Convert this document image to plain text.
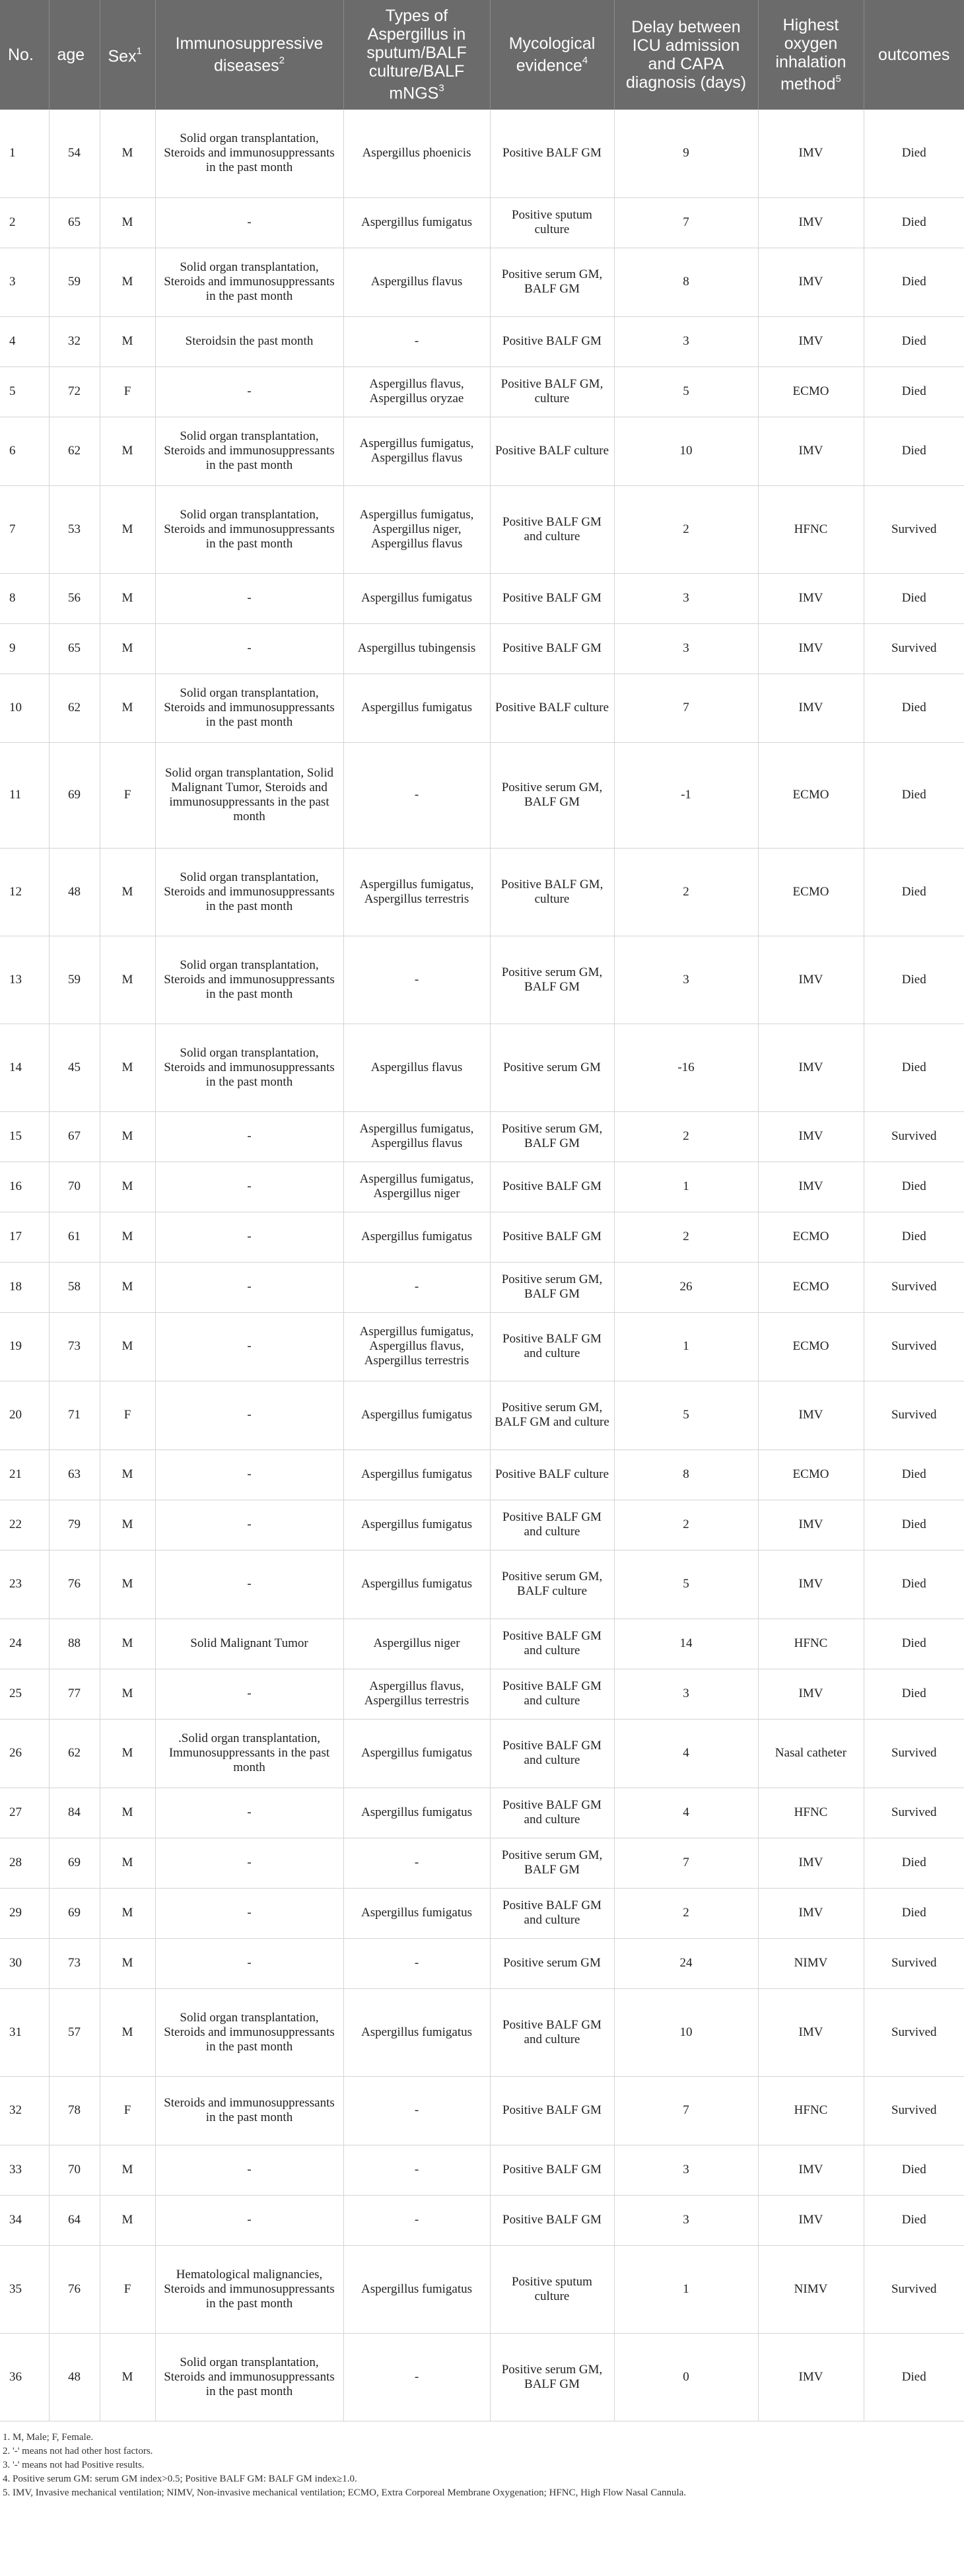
No.	age	Sex$^1$	Immunosuppressive diseases$^2$	Types of Aspergillus in sputum/BALF culture/BALF mNGS$^3$	Mycological evidence$^4$	Delay between ICU admission and CAPA diagnosis (days)	Highest oxygen inhalation method$^5$	outcomes
1	54	M	Solid organ transplantation, Steroids and immunosuppressants in the past month	Aspergillus phoenicis	Positive BALF GM	9	IMV	Died
2	65	M	-	Aspergillus fumigatus	Positive sputum culture	7	IMV	Died
3	59	M	Solid organ transplantation, Steroids and immunosuppressants in the past month	Aspergillus flavus	Positive serum GM, BALF GM	8	IMV	Died
4	32	M	Steroidsin the past month	-	Positive BALF GM	3	IMV	Died
5	72	F	-	Aspergillus flavus, Aspergillus oryzae	Positive BALF GM, culture	5	ECMO	Died
6	62	M	Solid organ transplantation, Steroids and immunosuppressants in the past month	Aspergillus fumigatus, Aspergillus flavus	Positive BALF culture	10	IMV	Died
7	53	M	Solid organ transplantation, Steroids and immunosuppressants in the past month	Aspergillus fumigatus, Aspergillus niger, Aspergillus flavus	Positive BALF GM and culture	2	HFNC	Survived
8	56	M	-	Aspergillus fumigatus	Positive BALF GM	3	IMV	Died
9	65	M	-	Aspergillus tubingensis	Positive BALF GM	3	IMV	Survived
10	62	M	Solid organ transplantation, Steroids and immunosuppressants in the past month	Aspergillus fumigatus	Positive BALF culture	7	IMV	Died
11	69	F	Solid organ transplantation, Solid Malignant Tumor, Steroids and immunosuppressants in the past month	-	Positive serum GM, BALF GM	-1	ECMO	Died
12	48	M	Solid organ transplantation, Steroids and immunosuppressants in the past month	Aspergillus fumigatus, Aspergillus terrestris	Positive BALF GM, culture	2	ECMO	Died
13	59	M	Solid organ transplantation, Steroids and immunosuppressants in the past month	-	Positive serum GM, BALF GM	3	IMV	Died
14	45	M	Solid organ transplantation, Steroids and immunosuppressants in the past month	Aspergillus flavus	Positive serum GM	-16	IMV	Died
15	67	M	-	Aspergillus fumigatus, Aspergillus flavus	Positive serum GM, BALF GM	2	IMV	Survived
16	70	M	-	Aspergillus fumigatus, Aspergillus niger	Positive BALF GM	1	IMV	Died
17	61	M	-	Aspergillus fumigatus	Positive BALF GM	2	ECMO	Died
18	58	M	-	-	Positive serum GM, BALF GM	26	ECMO	Survived
19	73	M	-	Aspergillus fumigatus, Aspergillus flavus, Aspergillus terrestris	Positive BALF GM and culture	1	ECMO	Survived
20	71	F	-	Aspergillus fumigatus	Positive serum GM, BALF GM and culture	5	IMV	Survived
21	63	M	-	Aspergillus fumigatus	Positive BALF culture	8	ECMO	Died
22	79	M	-	Aspergillus fumigatus	Positive BALF GM and culture	2	IMV	Died
23	76	M	-	Aspergillus fumigatus	Positive serum GM, BALF culture	5	IMV	Died
24	88	M	Solid Malignant Tumor	Aspergillus niger	Positive BALF GM and culture	14	HFNC	Died
25	77	M	-	Aspergillus flavus, Aspergillus terrestris	Positive BALF GM and culture	3	IMV	Died
26	62	M	.Solid organ transplantation, Immunosuppressants in the past month	Aspergillus fumigatus	Positive BALF GM and culture	4	Nasal catheter	Survived
27	84	M	-	Aspergillus fumigatus	Positive BALF GM and culture	4	HFNC	Survived
28	69	M	-	-	Positive serum GM, BALF GM	7	IMV	Died
29	69	M	-	Aspergillus fumigatus	Positive BALF GM and culture	2	IMV	Died
30	73	M	-	-	Positive serum GM	24	NIMV	Survived
31	57	M	Solid organ transplantation, Steroids and immunosuppressants in the past month	Aspergillus fumigatus	Positive BALF GM and culture	10	IMV	Survived
32	78	F	Steroids and immunosuppressants in the past month	-	Positive BALF GM	7	HFNC	Survived
33	70	M	-	-	Positive BALF GM	3	IMV	Died
34	64	M	-	-	Positive BALF GM	3	IMV	Died
35	76	F	Hematological malignancies, Steroids and immunosuppressants in the past month	Aspergillus fumigatus	Positive sputum culture	1	NIMV	Survived
36	48	M	Solid organ transplantation, Steroids and immunosuppressants in the past month	-	Positive serum GM, BALF GM	0	IMV	Died
1. M, Male; F, Female.
2. '-' means not had other host factors.
3. '-' means not had Positive results.
4. Positive serum GM: serum GM index>0.5; Positive BALF GM: BALF GM index≥1.0.
5. IMV, Invasive mechanical ventilation; NIMV, Non-invasive mechanical ventilation; ECMO, Extra Corporeal Membrane Oxygenation; HFNC, High Flow Nasal Cannula.
